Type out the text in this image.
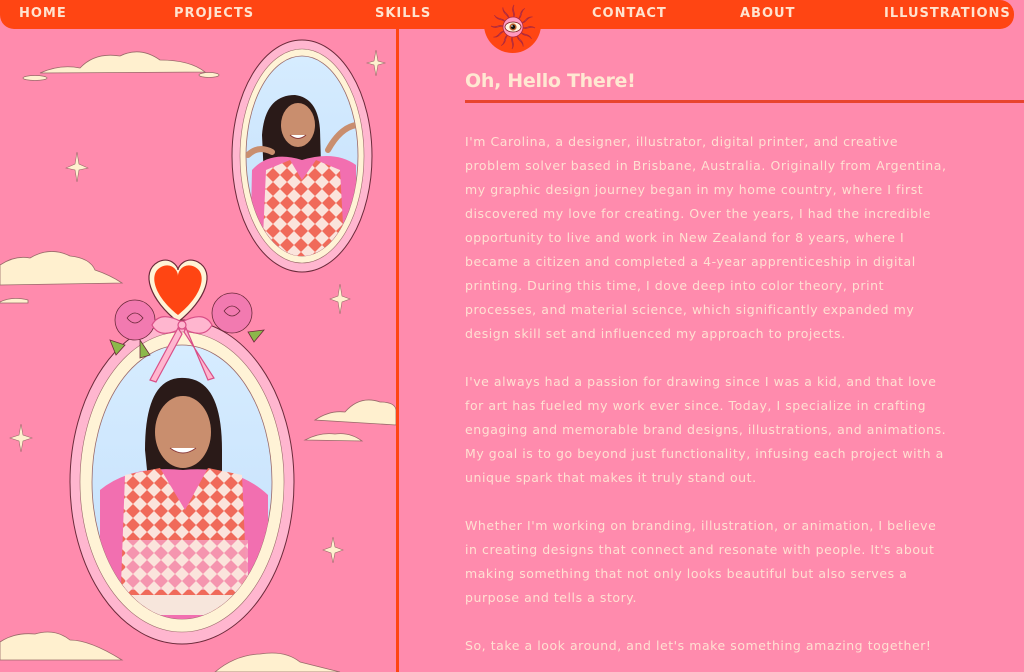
HOME	PROJECTS	SKILLS	CONTACT	ABOUT	ILLUSTRATIONS
Oh, Hello There!

I'm Carolina, a designer, illustrator, digital printer, and creative problem solver based in Brisbane, Australia. Originally from Argentina, my graphic design journey began in my home country, where I first discovered my love for creating. Over the years, I had the incredible opportunity to live and work in New Zealand for 8 years, where I became a citizen and completed a 4-year apprenticeship in digital printing. During this time, I dove deep into color theory, print processes, and material science, which significantly expanded my design skill set and influenced my approach to projects.

I've always had a passion for drawing since I was a kid, and that love for art has fueled my work ever since. Today, I specialize in crafting engaging and memorable brand designs, illustrations, and animations. My goal is to go beyond just functionality, infusing each project with a unique spark that makes it truly stand out.

Whether I'm working on branding, illustration, or animation, I believe in creating designs that connect and resonate with people. It's about making something that not only looks beautiful but also serves a purpose and tells a story.

So, take a look around, and let's make something amazing together!
